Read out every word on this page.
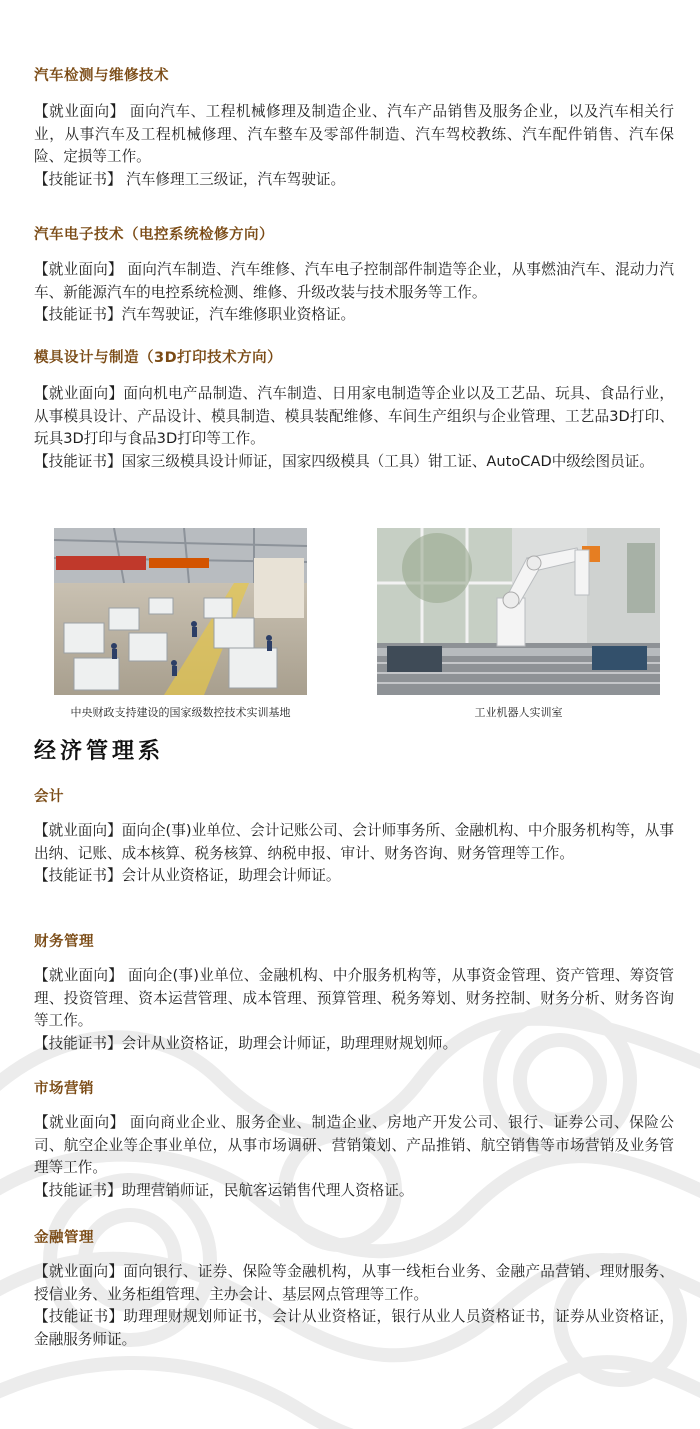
汽车检测与维修技术

【就业面向】 面向汽车、工程机械修理及制造企业、汽车产品销售及服务企业，以及汽车相关行业，从事汽车及工程机械修理、汽车整车及零部件制造、汽车驾校教练、汽车配件销售、汽车保险、定损等工作。

【技能证书】 汽车修理工三级证，汽车驾驶证。

汽车电子技术（电控系统检修方向）

【就业面向】 面向汽车制造、汽车维修、汽车电子控制部件制造等企业，从事燃油汽车、混动力汽车、新能源汽车的电控系统检测、维修、升级改装与技术服务等工作。

【技能证书】汽车驾驶证，汽车维修职业资格证。

模具设计与制造（3D打印技术方向）

【就业面向】面向机电产品制造、汽车制造、日用家电制造等企业以及工艺品、玩具、食品行业，从事模具设计、产品设计、模具制造、模具装配维修、车间生产组织与企业管理、工艺品3D打印、玩具3D打印与食品3D打印等工作。

【技能证书】国家三级模具设计师证，国家四级模具（工具）钳工证、AutoCAD中级绘图员证。

中央财政支持建设的国家级数控技术实训基地	工业机器人实训室
经济管理系
会计

【就业面向】面向企(事)业单位、会计记账公司、会计师事务所、金融机构、中介服务机构等，从事出纳、记账、成本核算、税务核算、纳税申报、审计、财务咨询、财务管理等工作。

【技能证书】会计从业资格证，助理会计师证。

财务管理

【就业面向】 面向企(事)业单位、金融机构、中介服务机构等，从事资金管理、资产管理、筹资管理、投资管理、资本运营管理、成本管理、预算管理、税务筹划、财务控制、财务分析、财务咨询等工作。

【技能证书】会计从业资格证，助理会计师证，助理理财规划师。

市场营销

【就业面向】 面向商业企业、服务企业、制造企业、房地产开发公司、银行、证券公司、保险公司、航空企业等企事业单位，从事市场调研、营销策划、产品推销、航空销售等市场营销及业务管理等工作。

【技能证书】助理营销师证，民航客运销售代理人资格证。

金融管理

【就业面向】面向银行、证券、保险等金融机构，从事一线柜台业务、金融产品营销、理财服务、授信业务、业务柜组管理、主办会计、基层网点管理等工作。

【技能证书】助理理财规划师证书，会计从业资格证，银行从业人员资格证书，证券从业资格证，金融服务师证。
